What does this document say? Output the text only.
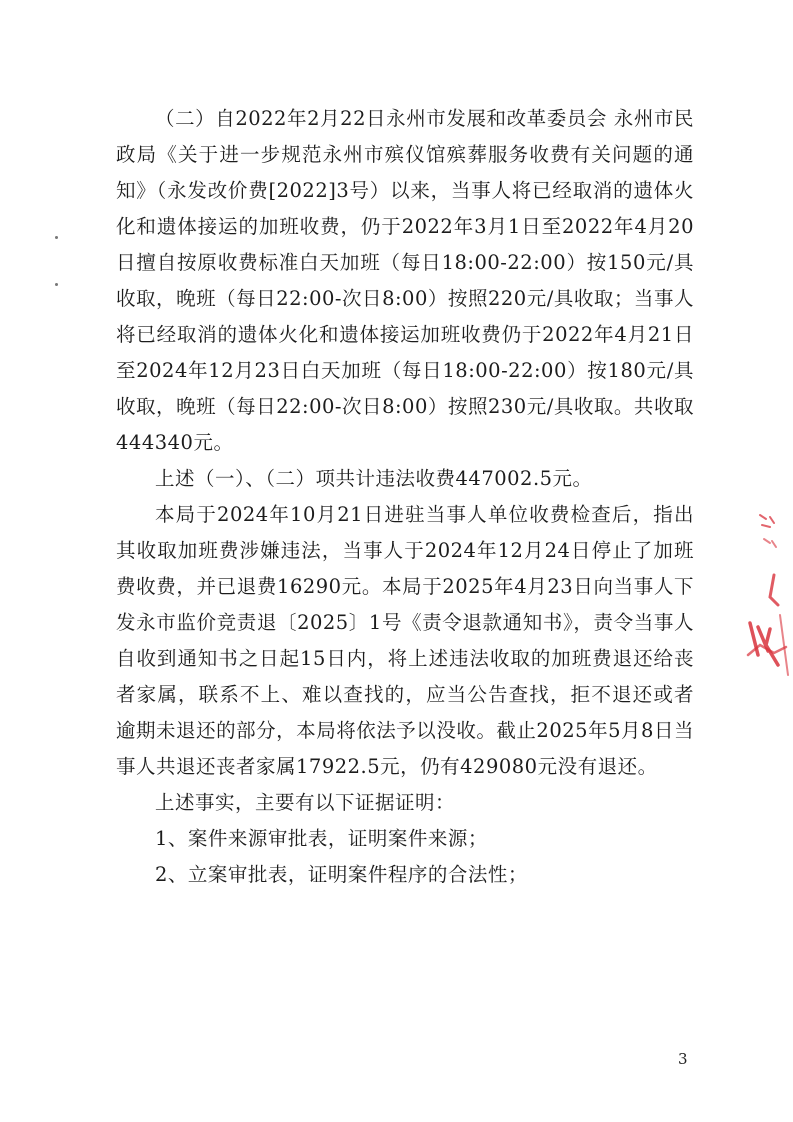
（二）自2022年2月22日永州市发展和改革委员会 永州市民政局《关于进一步规范永州市殡仪馆殡葬服务收费有关问题的通知》（永发改价费[2022]3号）以来，当事人将已经取消的遗体火化和遗体接运的加班收费，仍于2022年3月1日至2022年4月20日擅自按原收费标准白天加班（每日18:00-22:00）按150元/具收取，晚班（每日22:00-次日8:00）按照220元/具收取；当事人将已经取消的遗体火化和遗体接运加班收费仍于2022年4月21日至2024年12月23日白天加班（每日18:00-22:00）按180元/具收取，晚班（每日22:00-次日8:00）按照230元/具收取。共收取444340元。

上述（一）、（二）项共计违法收费447002.5元。

本局于2024年10月21日进驻当事人单位收费检查后，指出其收取加班费涉嫌违法，当事人于2024年12月24日停止了加班费收费，并已退费16290元。本局于2025年4月23日向当事人下发永市监价竞责退〔2025〕1号《责令退款通知书》，责令当事人自收到通知书之日起15日内，将上述违法收取的加班费退还给丧者家属，联系不上、难以查找的，应当公告查找，拒不退还或者逾期未退还的部分，本局将依法予以没收。截止2025年5月8日当事人共退还丧者家属17922.5元，仍有429080元没有退还。

上述事实，主要有以下证据证明：

1、案件来源审批表，证明案件来源；

2、立案审批表，证明案件程序的合法性；

3
